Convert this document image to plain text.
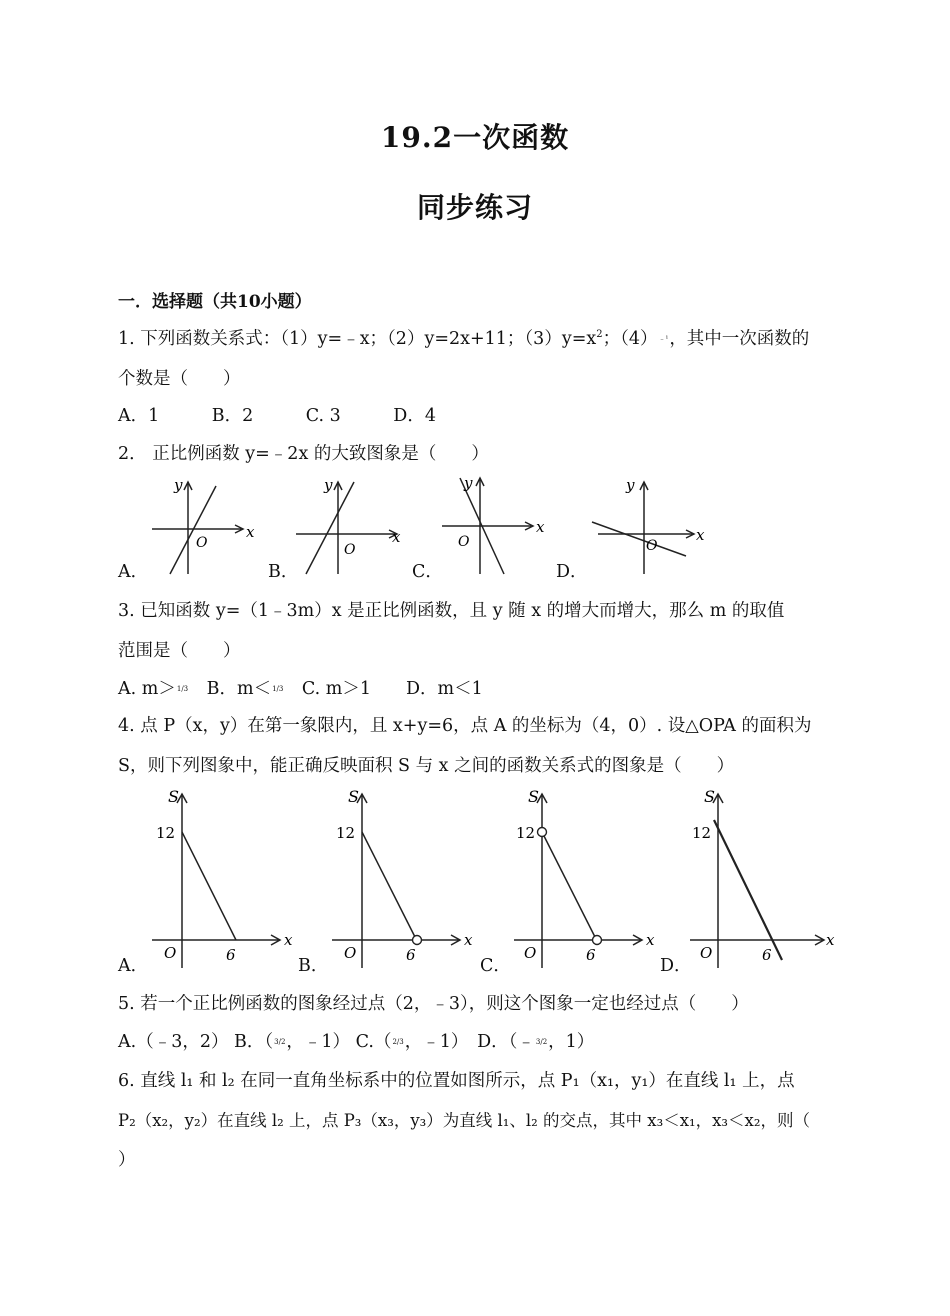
19.2一次函数
同步练习
一．选择题（共10小题）
1. 下列函数关系式：（1）y=﹣x；（2）y=2x+11；$(3)y=x^2$；（4）﹣¹，其中一次函数的
个数是（　　）
A．1　　　B．2　　　C. 3　　　D．4
2． 正比例函数 y=﹣2x 的大致图象是（　　）
y
x
O
y
x
O
y
x
O
y
x
O
A．	B．	C．	D．
3. 已知函数 y=（1﹣3m）x 是正比例函数，且 y 随 x 的增大而增大，那么 m 的取值
范围是（　　）
A. m＞1/3　B．m＜1/3　C. m＞1　　D．m＜1
4. 点 P（x，y）在第一象限内，且 x+y=6，点 A 的坐标为（4，0）. 设△OPA 的面积为
S，则下列图象中，能正确反映面积 S 与 x 之间的函数关系式的图象是（　　）
S
12
O	6
x
S
12
O	6
x
S
12
O	6
x
S
12
O	6
x
A．	B．	C．	D．
5. 若一个正比例函数的图象经过点（2，﹣3），则这个图象一定也经过点（　　）
A.（﹣3，2） B．（3/2，﹣1） C.（2/3，﹣1）　D．（﹣3/2，1）
6. 直线 l₁ 和 l₂ 在同一直角坐标系中的位置如图所示，点 P₁（x₁，y₁）在直线 l₁ 上，点
P₂（x₂，y₂）在直线 l₂ 上，点 P₃（x₃，y₃）为直线 l₁、l₂ 的交点，其中 x₃＜x₁，x₃＜x₂，则（
）
